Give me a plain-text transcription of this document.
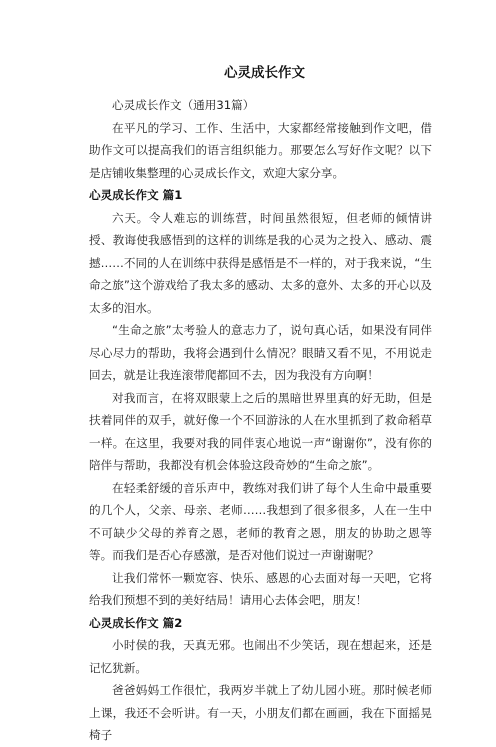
心灵成长作文

心灵成长作文（通用31篇）

在平凡的学习、工作、生活中，大家都经常接触到作文吧，借助作文可以提高我们的语言组织能力。那要怎么写好作文呢？以下是店铺收集整理的心灵成长作文，欢迎大家分享。

心灵成长作文 篇1

六天。令人难忘的训练营，时间虽然很短，但老师的倾情讲授、教诲使我感悟到的这样的训练是我的心灵为之投入、感动、震撼……不同的人在训练中获得是感悟是不一样的，对于我来说，“生命之旅”这个游戏给了我太多的感动、太多的意外、太多的开心以及太多的泪水。

“生命之旅”太考验人的意志力了，说句真心话，如果没有同伴尽心尽力的帮助，我将会遇到什么情况？眼睛又看不见，不用说走回去，就是让我连滚带爬都回不去，因为我没有方向啊！

对我而言，在将双眼蒙上之后的黑暗世界里真的好无助，但是扶着同伴的双手，就好像一个不回游泳的人在水里抓到了救命稻草一样。在这里，我要对我的同伴衷心地说一声“谢谢你”，没有你的陪伴与帮助，我都没有机会体验这段奇妙的“生命之旅”。

在轻柔舒缓的音乐声中，教练对我们讲了每个人生命中最重要的几个人，父亲、母亲、老师……我想到了很多很多，人在一生中不可缺少父母的养育之恩，老师的教育之恩，朋友的协助之恩等等。而我们是否心存感激，是否对他们说过一声谢谢呢？

让我们常怀一颗宽容、快乐、感恩的心去面对每一天吧，它将给我们预想不到的美好结局！请用心去体会吧，朋友！

心灵成长作文 篇2

小时侯的我，天真无邪。也闹出不少笑话，现在想起来，还是记忆犹新。

爸爸妈妈工作很忙，我两岁半就上了幼儿园小班。那时候老师上课，我还不会听讲。有一天，小朋友们都在画画，我在下面摇晃椅子
